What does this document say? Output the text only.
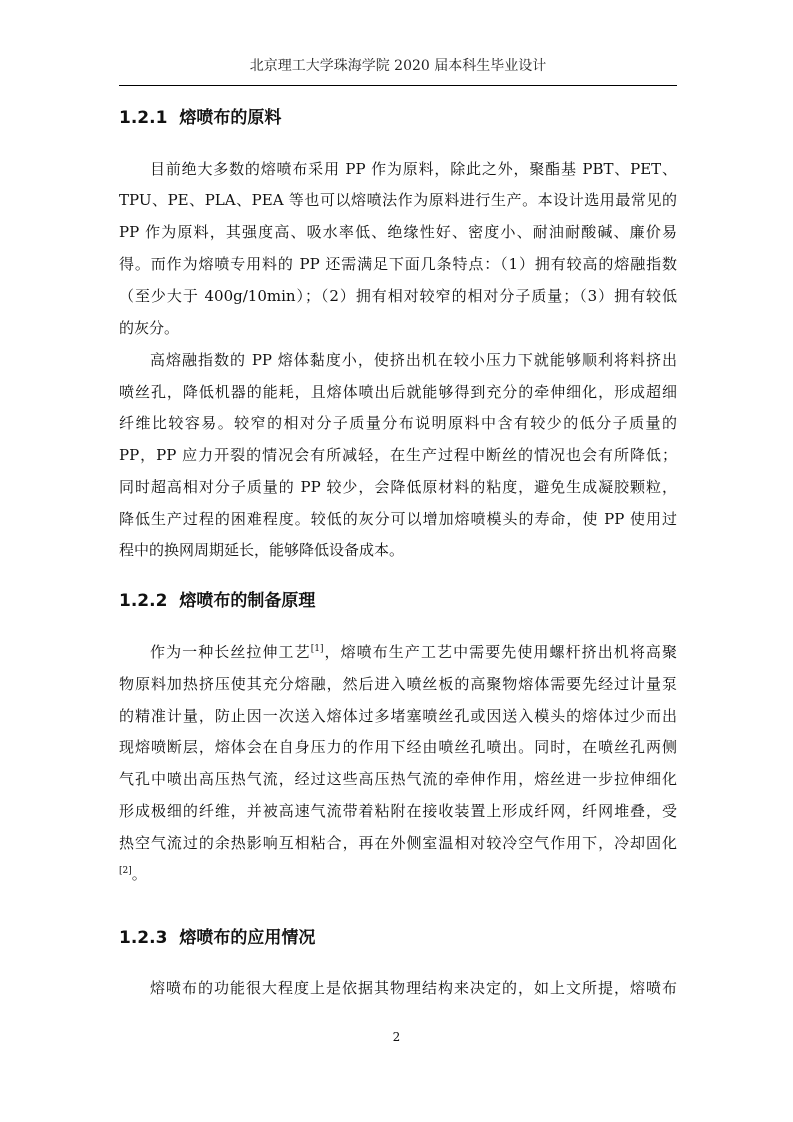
北京理工大学珠海学院 2020 届本科生毕业设计
1.2.1 熔喷布的原料
目前绝大多数的熔喷布采用 PP 作为原料，除此之外，聚酯基 PBT、PET、
TPU、PE、PLA、PEA 等也可以熔喷法作为原料进行生产。本设计选用最常见的
PP 作为原料，其强度高、吸水率低、绝缘性好、密度小、耐油耐酸碱、廉价易
得。而作为熔喷专用料的 PP 还需满足下面几条特点：（1）拥有较高的熔融指数
（至少大于 400g/10min）；（2）拥有相对较窄的相对分子质量；（3）拥有较低
的灰分。
高熔融指数的 PP 熔体黏度小，使挤出机在较小压力下就能够顺利将料挤出
喷丝孔，降低机器的能耗，且熔体喷出后就能够得到充分的牵伸细化，形成超细
纤维比较容易。较窄的相对分子质量分布说明原料中含有较少的低分子质量的
PP，PP 应力开裂的情况会有所减轻，在生产过程中断丝的情况也会有所降低；
同时超高相对分子质量的 PP 较少，会降低原材料的粘度，避免生成凝胶颗粒，
降低生产过程的困难程度。较低的灰分可以增加熔喷模头的寿命，使 PP 使用过
程中的换网周期延长，能够降低设备成本。
1.2.2 熔喷布的制备原理
作为一种长丝拉伸工艺[1]，熔喷布生产工艺中需要先使用螺杆挤出机将高聚
物原料加热挤压使其充分熔融，然后进入喷丝板的高聚物熔体需要先经过计量泵
的精准计量，防止因一次送入熔体过多堵塞喷丝孔或因送入模头的熔体过少而出
现熔喷断层，熔体会在自身压力的作用下经由喷丝孔喷出。同时，在喷丝孔两侧
气孔中喷出高压热气流，经过这些高压热气流的牵伸作用，熔丝进一步拉伸细化
形成极细的纤维，并被高速气流带着粘附在接收装置上形成纤网，纤网堆叠，受
热空气流过的余热影响互相粘合，再在外侧室温相对较冷空气作用下，冷却固化
[2]。
1.2.3 熔喷布的应用情况
熔喷布的功能很大程度上是依据其物理结构来决定的，如上文所提，熔喷布
2
